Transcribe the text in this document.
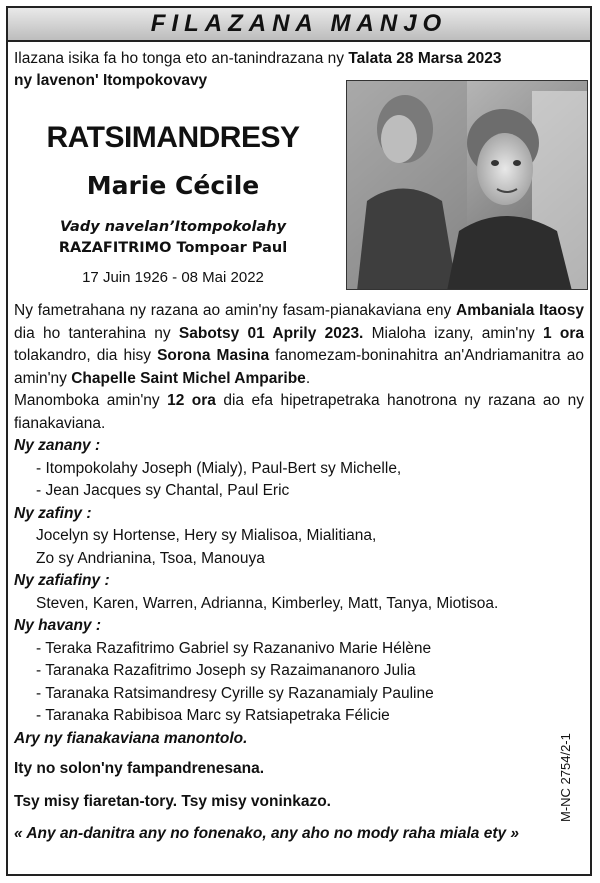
FILAZANA MANJO
Ilazana isika fa ho tonga eto an-tanindrazana ny Talata 28 Marsa 2023
ny lavenon' Itompokovavy
RATSIMANDRESY
Marie Cécile
Vady navelan’Itompokolahy
RAZAFITRIMO Tompoar Paul
17 Juin 1926 - 08 Mai 2022

Ny fametrahana ny razana ao amin'ny fasam-pianakaviana eny Ambaniala Itaosy dia ho tanterahina ny Sabotsy 01 Aprily 2023. Mialoha izany, amin'ny 1 ora tolakandro, dia hisy Sorona Masina fanomezam-boninahitra an'Andriamanitra ao amin'ny Chapelle Saint Michel Amparibe.

Manomboka amin'ny 12 ora dia efa hipetrapetraka hanotrona ny razana ao ny fianakaviana.

Ny zanany :

- Itompokolahy Joseph (Mialy), Paul-Bert sy Michelle,

- Jean Jacques sy Chantal, Paul Eric

Ny zafiny :

Jocelyn sy Hortense, Hery sy Mialisoa, Mialitiana,

Zo sy Andrianina, Tsoa, Manouya

Ny zafiafiny :

Steven, Karen, Warren, Adrianna, Kimberley, Matt, Tanya, Miotisoa.

Ny havany :

- Teraka Razafitrimo Gabriel sy Razananivo Marie Hélène

- Taranaka Razafitrimo Joseph sy Razaimananoro Julia

- Taranaka Ratsimandresy Cyrille sy Razanamialy Pauline

- Taranaka Rabibisoa Marc sy Ratsiapetraka Félicie

Ary ny fianakaviana manontolo.

Ity no solon'ny fampandrenesana.

Tsy misy fiaretan-tory. Tsy misy voninkazo.

« Any an-danitra any no fonenako, any aho no mody raha miala ety »

M-NC 2754/2-1
